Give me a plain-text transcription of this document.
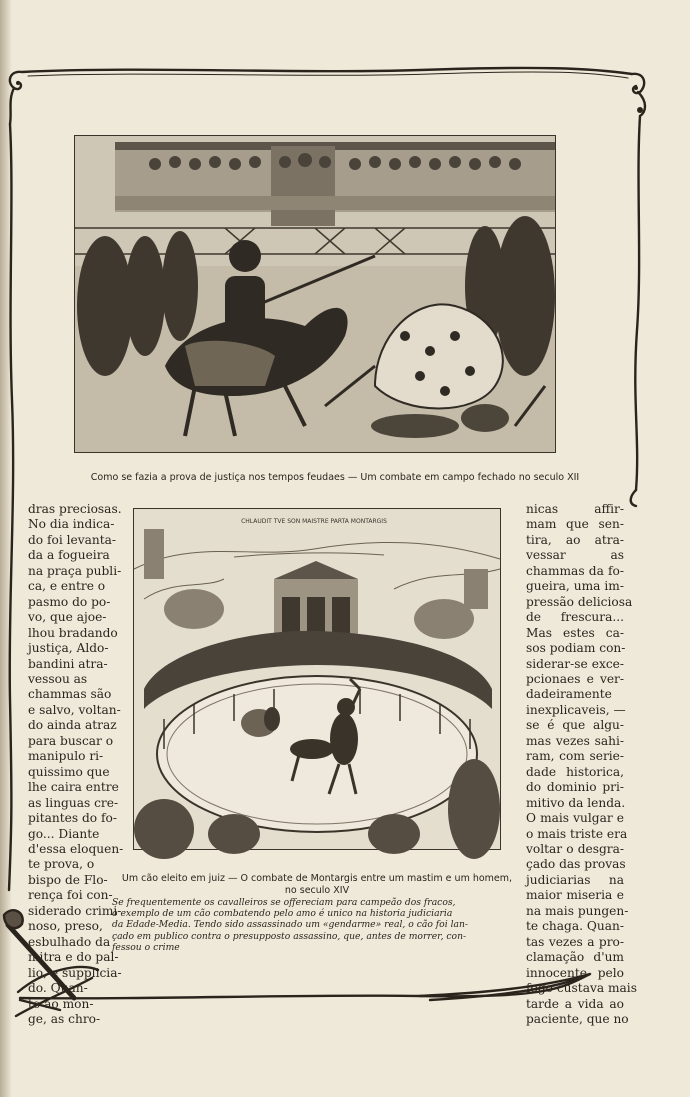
Como se fazia a prova de justiça nos tempos feudaes — Um combate em campo fechado no seculo XII

CHLAUDIT TVE SON MAISTRE PARTA MONTARGIS

Um cão eleito em juiz — O combate de Montargis entre um mastim e um homem,
no seculo XIV

Se frequentemente os cavalleiros se offereciam para campeão dos fracos,
o exemplo de um cão combatendo pelo amo é unico na historia judiciaria
da Edade-Media. Tendo sido assassinado um «gendarme» real, o cão foi lan-
çado em publico contra o presupposto assassino, que, antes de morrer, con-
fessou o crime
dras preciosas.
No dia indica-
do foi levanta-
da a fogueira
na praça publi-
ca, e entre o
pasmo do po-
vo, que ajoe-
lhou bradando
justiça, Aldo-
bandini atra-
vessou as
chammas são
e salvo, voltan-
do ainda atraz
para buscar o
manipulo ri-
quissimo que
lhe caira entre
as linguas cre-
pitantes do fo-
go... Diante
d'essa eloquen-
te prova, o
bispo de Flo-
rença foi con-
siderado crimi-
noso, preso,
esbulhado da
mitra e do pal-
lio, e supplicia-
do. Quan-
to ao mon-
ge, as chro-
nicas affir-
mam que sen-
tira, ao atra-
vessar as
chammas da fo-
gueira, uma im-
pressão deliciosa
de frescura...
Mas estes ca-
sos podiam con-
siderar-se exce-
pcionaes e ver-
dadeiramente
inexplicaveis, —
se é que algu-
mas vezes sahi-
ram, com serie-
dade historica,
do dominio pri-
mitivo da lenda.
O mais vulgar e
o mais triste era
voltar o desgra-
çado das provas
judiciarias na
maior miseria e
na mais pungen-
te chaga. Quan-
tas vezes a pro-
clamação d'um
innocente pelo
fogo custava mais
tarde a vida ao
paciente, que no
